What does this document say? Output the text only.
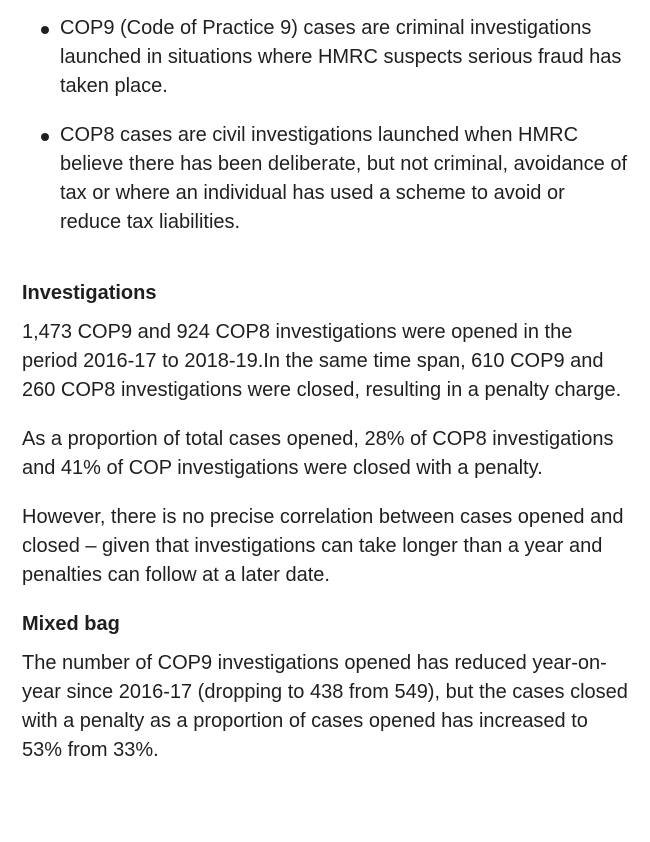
COP9 (Code of Practice 9) cases are criminal investigations launched in situations where HMRC suspects serious fraud has taken place.
COP8 cases are civil investigations launched when HMRC believe there has been deliberate, but not criminal, avoidance of tax or where an individual has used a scheme to avoid or reduce tax liabilities.
Investigations

1,473 COP9 and 924 COP8 investigations were opened in the period 2016-17 to 2018-19.In the same time span, 610 COP9 and 260 COP8 investigations were closed, resulting in a penalty charge.

As a proportion of total cases opened, 28% of COP8 investigations and 41% of COP investigations were closed with a penalty.

However, there is no precise correlation between cases opened and closed – given that investigations can take longer than a year and penalties can follow at a later date.

Mixed bag

The number of COP9 investigations opened has reduced year-on-year since 2016-17 (dropping to 438 from 549), but the cases closed with a penalty as a proportion of cases opened has increased to 53% from 33%.
